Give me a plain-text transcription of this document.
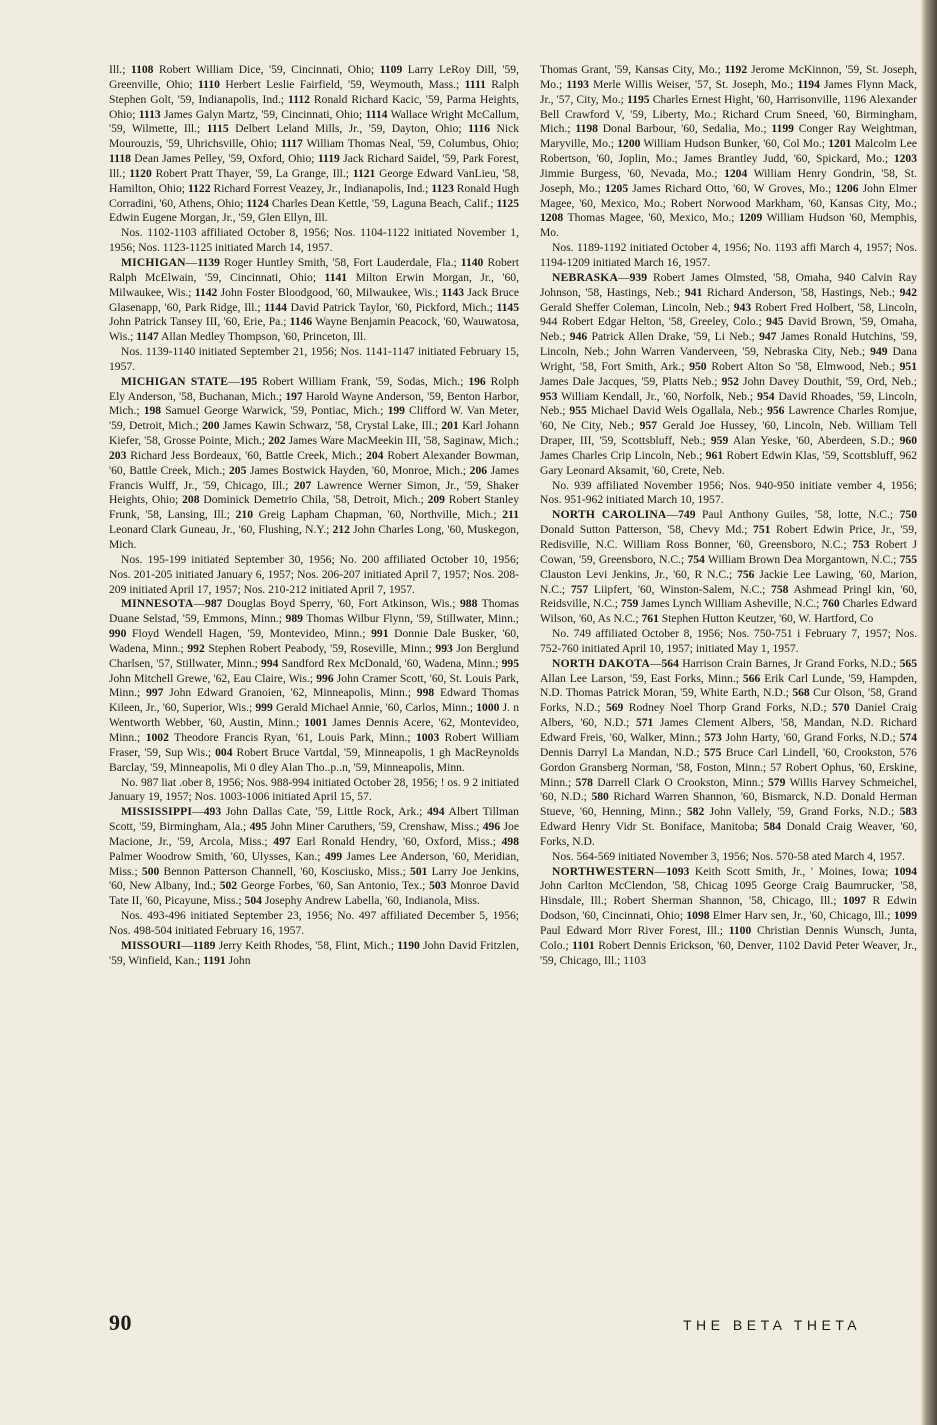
Ill.; 1108 Robert William Dice, '59, Cincinnati, Ohio; 1109 Larry LeRoy Dill, '59, Greenville, Ohio; 1110 Herbert Leslie Fairfield, '59, Weymouth, Mass.; 1111 Ralph Stephen Golt, '59, Indianapolis, Ind.; 1112 Ronald Richard Kacic, '59, Parma Heights, Ohio; 1113 James Galyn Martz, '59, Cincinnati, Ohio; 1114 Wallace Wright McCallum, '59, Wilmette, Ill.; 1115 Delbert Leland Mills, Jr., '59, Dayton, Ohio; 1116 Nick Mourouzis, '59, Uhrichsville, Ohio; 1117 William Thomas Neal, '59, Columbus, Ohio; 1118 Dean James Pelley, '59, Oxford, Ohio; 1119 Jack Richard Saidel, '59, Park Forest, Ill.; 1120 Robert Pratt Thayer, '59, La Grange, Ill.; 1121 George Edward VanLieu, '58, Hamilton, Ohio; 1122 Richard Forrest Veazey, Jr., Indianapolis, Ind.; 1123 Ronald Hugh Corradini, '60, Athens, Ohio; 1124 Charles Dean Kettle, '59, Laguna Beach, Calif.; 1125 Edwin Eugene Morgan, Jr., '59, Glen Ellyn, Ill.

Nos. 1102-1103 affiliated October 8, 1956; Nos. 1104-1122 initiated November 1, 1956; Nos. 1123-1125 initiated March 14, 1957.

MICHIGAN—1139 Roger Huntley Smith, '58, Fort Lauderdale, Fla.; 1140 Robert Ralph McElwain, '59, Cincinnati, Ohio; 1141 Milton Erwin Morgan, Jr., '60, Milwaukee, Wis.; 1142 John Foster Bloodgood, '60, Milwaukee, Wis.; 1143 Jack Bruce Glasenapp, '60, Park Ridge, Ill.; 1144 David Patrick Taylor, '60, Pickford, Mich.; 1145 John Patrick Tansey III, '60, Erie, Pa.; 1146 Wayne Benjamin Peacock, '60, Wauwatosa, Wis.; 1147 Allan Medley Thompson, '60, Princeton, Ill.

Nos. 1139-1140 initiated September 21, 1956; Nos. 1141-1147 initiated February 15, 1957.

MICHIGAN STATE—195 Robert William Frank, '59, Sodas, Mich.; 196 Rolph Ely Anderson, '58, Buchanan, Mich.; 197 Harold Wayne Anderson, '59, Benton Harbor, Mich.; 198 Samuel George Warwick, '59, Pontiac, Mich.; 199 Clifford W. Van Meter, '59, Detroit, Mich.; 200 James Kawin Schwarz, '58, Crystal Lake, Ill.; 201 Karl Johann Kiefer, '58, Grosse Pointe, Mich.; 202 James Ware MacMeekin III, '58, Saginaw, Mich.; 203 Richard Jess Bordeaux, '60, Battle Creek, Mich.; 204 Robert Alexander Bowman, '60, Battle Creek, Mich.; 205 James Bostwick Hayden, '60, Monroe, Mich.; 206 James Francis Wulff, Jr., '59, Chicago, Ill.; 207 Lawrence Werner Simon, Jr., '59, Shaker Heights, Ohio; 208 Dominick Demetrio Chila, '58, Detroit, Mich.; 209 Robert Stanley Frunk, '58, Lansing, Ill.; 210 Greig Lapham Chapman, '60, Northville, Mich.; 211 Leonard Clark Guneau, Jr., '60, Flushing, N.Y.; 212 John Charles Long, '60, Muskegon, Mich.

Nos. 195-199 initiated September 30, 1956; No. 200 affiliated October 10, 1956; Nos. 201-205 initiated January 6, 1957; Nos. 206-207 initiated April 7, 1957; Nos. 208-209 initiated April 17, 1957; Nos. 210-212 initiated April 7, 1957.

MINNESOTA—987 Douglas Boyd Sperry, '60, Fort Atkinson, Wis.; 988 Thomas Duane Selstad, '59, Emmons, Minn.; 989 Thomas Wilbur Flynn, '59, Stillwater, Minn.; 990 Floyd Wendell Hagen, '59, Montevideo, Minn.; 991 Donnie Dale Busker, '60, Wadena, Minn.; 992 Stephen Robert Peabody, '59, Roseville, Minn.; 993 Jon Berglund Charlsen, '57, Stillwater, Minn.; 994 Sandford Rex McDonald, '60, Wadena, Minn.; 995 John Mitchell Grewe, '62, Eau Claire, Wis.; 996 John Cramer Scott, '60, St. Louis Park, Minn.; 997 John Edward Granoien, '62, Minneapolis, Minn.; 998 Edward Thomas Kileen, Jr., '60, Superior, Wis.; 999 Gerald Michael Annie, '60, Carlos, Minn.; 1000 J. n Wentworth Webber, '60, Austin, Minn.; 1001 James Dennis Acere, '62, Montevideo, Minn.; 1002 Theodore Francis Ryan, '61, Louis Park, Minn.; 1003 Robert William Fraser, '59, Sup Wis.; 004 Robert Bruce Vartdal, '59, Minneapolis, 1 gh MacReynolds Barclay, '59, Minneapolis, Mi 0 dley Alan Tho..p..n, '59, Minneapolis, Minn.

No. 987 liat .ober 8, 1956; Nos. 988-994 initiated October 28, 1956; ! os. 9 2 initiated January 19, 1957; Nos. 1003-1006 initiated April 15, 57.

MISSISSIPPI—493 John Dallas Cate, '59, Little Rock, Ark.; 494 Albert Tillman Scott, '59, Birmingham, Ala.; 495 John Miner Caruthers, '59, Crenshaw, Miss.; 496 Joe Macione, Jr., '59, Arcola, Miss.; 497 Earl Ronald Hendry, '60, Oxford, Miss.; 498 Palmer Woodrow Smith, '60, Ulysses, Kan.; 499 James Lee Anderson, '60, Meridian, Miss.; 500 Bennon Patterson Channell, '60, Kosciusko, Miss.; 501 Larry Joe Jenkins, '60, New Albany, Ind.; 502 George Forbes, '60, San Antonio, Tex.; 503 Monroe David Tate II, '60, Picayune, Miss.; 504 Josephy Andrew Labella, '60, Indianola, Miss.

Nos. 493-496 initiated September 23, 1956; No. 497 affiliated December 5, 1956; Nos. 498-504 initiated February 16, 1957.

MISSOURI—1189 Jerry Keith Rhodes, '58, Flint, Mich.; 1190 John David Fritzlen, '59, Winfield, Kan.; 1191 John

Thomas Grant, '59, Kansas City, Mo.; 1192 Jerome McKinnon, '59, St. Joseph, Mo.; 1193 Merle Willis Weiser, '57, St. Joseph, Mo.; 1194 James Flynn Mack, Jr., '57, City, Mo.; 1195 Charles Ernest Hight, '60, Harrisonville, 1196 Alexander Bell Crawford V, '59, Liberty, Mo.; Richard Crum Sneed, '60, Birmingham, Mich.; 1198 Donal Barbour, '60, Sedalia, Mo.; 1199 Conger Ray Weightman, Maryville, Mo.; 1200 William Hudson Bunker, '60, Col Mo.; 1201 Malcolm Lee Robertson, '60, Joplin, Mo.; James Brantley Judd, '60, Spickard, Mo.; 1203 Jimmie Burgess, '60, Nevada, Mo.; 1204 William Henry Gondrin, '58, St. Joseph, Mo.; 1205 James Richard Otto, '60, W Groves, Mo.; 1206 John Elmer Magee, '60, Mexico, Mo.; Robert Norwood Markham, '60, Kansas City, Mo.; 1208 Thomas Magee, '60, Mexico, Mo.; 1209 William Hudson '60, Memphis, Mo.

Nos. 1189-1192 initiated October 4, 1956; No. 1193 affi March 4, 1957; Nos. 1194-1209 initiated March 16, 1957.

NEBRASKA—939 Robert James Olmsted, '58, Omaha, 940 Calvin Ray Johnson, '58, Hastings, Neb.; 941 Richard Anderson, '58, Hastings, Neb.; 942 Gerald Sheffer Coleman, Lincoln, Neb.; 943 Robert Fred Holbert, '58, Lincoln, 944 Robert Edgar Helton, '58, Greeley, Colo.; 945 David Brown, '59, Omaha, Neb.; 946 Patrick Allen Drake, '59, Li Neb.; 947 James Ronald Hutchins, '59, Lincoln, Neb.; John Warren Vanderveen, '59, Nebraska City, Neb.; 949 Dana Wright, '58, Fort Smith, Ark.; 950 Robert Alton So '58, Elmwood, Neb.; 951 James Dale Jacques, '59, Platts Neb.; 952 John Davey Douthit, '59, Ord, Neb.; 953 William Kendall, Jr., '60, Norfolk, Neb.; 954 David Rhoades, '59, Lincoln, Neb.; 955 Michael David Wels Ogallala, Neb.; 956 Lawrence Charles Romjue, '60, Ne City, Neb.; 957 Gerald Joe Hussey, '60, Lincoln, Neb. William Tell Draper, III, '59, Scottsbluff, Neb.; 959 Alan Yeske, '60, Aberdeen, S.D.; 960 James Charles Crip Lincoln, Neb.; 961 Robert Edwin Klas, '59, Scottsbluff, 962 Gary Leonard Aksamit, '60, Crete, Neb.

No. 939 affiliated November 1956; Nos. 940-950 initiate vember 4, 1956; Nos. 951-962 initiated March 10, 1957.

NORTH CAROLINA—749 Paul Anthony Guiles, '58, lotte, N.C.; 750 Donald Sutton Patterson, '58, Chevy Md.; 751 Robert Edwin Price, Jr., '59, Redisville, N.C. William Ross Bonner, '60, Greensboro, N.C.; 753 Robert J Cowan, '59, Greensboro, N.C.; 754 William Brown Dea Morgantown, N.C.; 755 Clauston Levi Jenkins, Jr., '60, R N.C.; 756 Jackie Lee Lawing, '60, Marion, N.C.; 757 Liipfert, '60, Winston-Salem, N.C.; 758 Ashmead Pringl kin, '60, Reidsville, N.C.; 759 James Lynch William Asheville, N.C.; 760 Charles Edward Wilson, '60, As N.C.; 761 Stephen Hutton Keutzer, '60, W. Hartford, Co

No. 749 affiliated October 8, 1956; Nos. 750-751 i February 7, 1957; Nos. 752-760 initiated April 10, 1957; initiated May 1, 1957.

NORTH DAKOTA—564 Harrison Crain Barnes, Jr Grand Forks, N.D.; 565 Allan Lee Larson, '59, East Forks, Minn.; 566 Erik Carl Lunde, '59, Hampden, N.D. Thomas Patrick Moran, '59, White Earth, N.D.; 568 Cur Olson, '58, Grand Forks, N.D.; 569 Rodney Noel Thorp Grand Forks, N.D.; 570 Daniel Craig Albers, '60, N.D.; 571 James Clement Albers, '58, Mandan, N.D. Richard Edward Freis, '60, Walker, Minn.; 573 John Harty, '60, Grand Forks, N.D.; 574 Dennis Darryl La Mandan, N.D.; 575 Bruce Carl Lindell, '60, Crookston, 576 Gordon Gransberg Norman, '58, Foston, Minn.; 57 Robert Ophus, '60, Erskine, Minn.; 578 Darrell Clark O Crookston, Minn.; 579 Willis Harvey Schmeichel, '60, N.D.; 580 Richard Warren Shannon, '60, Bismarck, N.D. Donald Herman Stueve, '60, Henning, Minn.; 582 John Vallely, '59, Grand Forks, N.D.; 583 Edward Henry Vidr St. Boniface, Manitoba; 584 Donald Craig Weaver, '60, Forks, N.D.

Nos. 564-569 initiated November 3, 1956; Nos. 570-58 ated March 4, 1957.

NORTHWESTERN—1093 Keith Scott Smith, Jr., ' Moines, Iowa; 1094 John Carlton McClendon, '58, Chicag 1095 George Craig Baumrucker, '58, Hinsdale, Ill.; Robert Sherman Shannon, '58, Chicago, Ill.; 1097 R Edwin Dodson, '60, Cincinnati, Ohio; 1098 Elmer Harv sen, Jr., '60, Chicago, Ill.; 1099 Paul Edward Morr River Forest, Ill.; 1100 Christian Dennis Wunsch, Junta, Colo.; 1101 Robert Dennis Erickson, '60, Denver, 1102 David Peter Weaver, Jr., '59, Chicago, Ill.; 1103

90	THE BETA THETA
